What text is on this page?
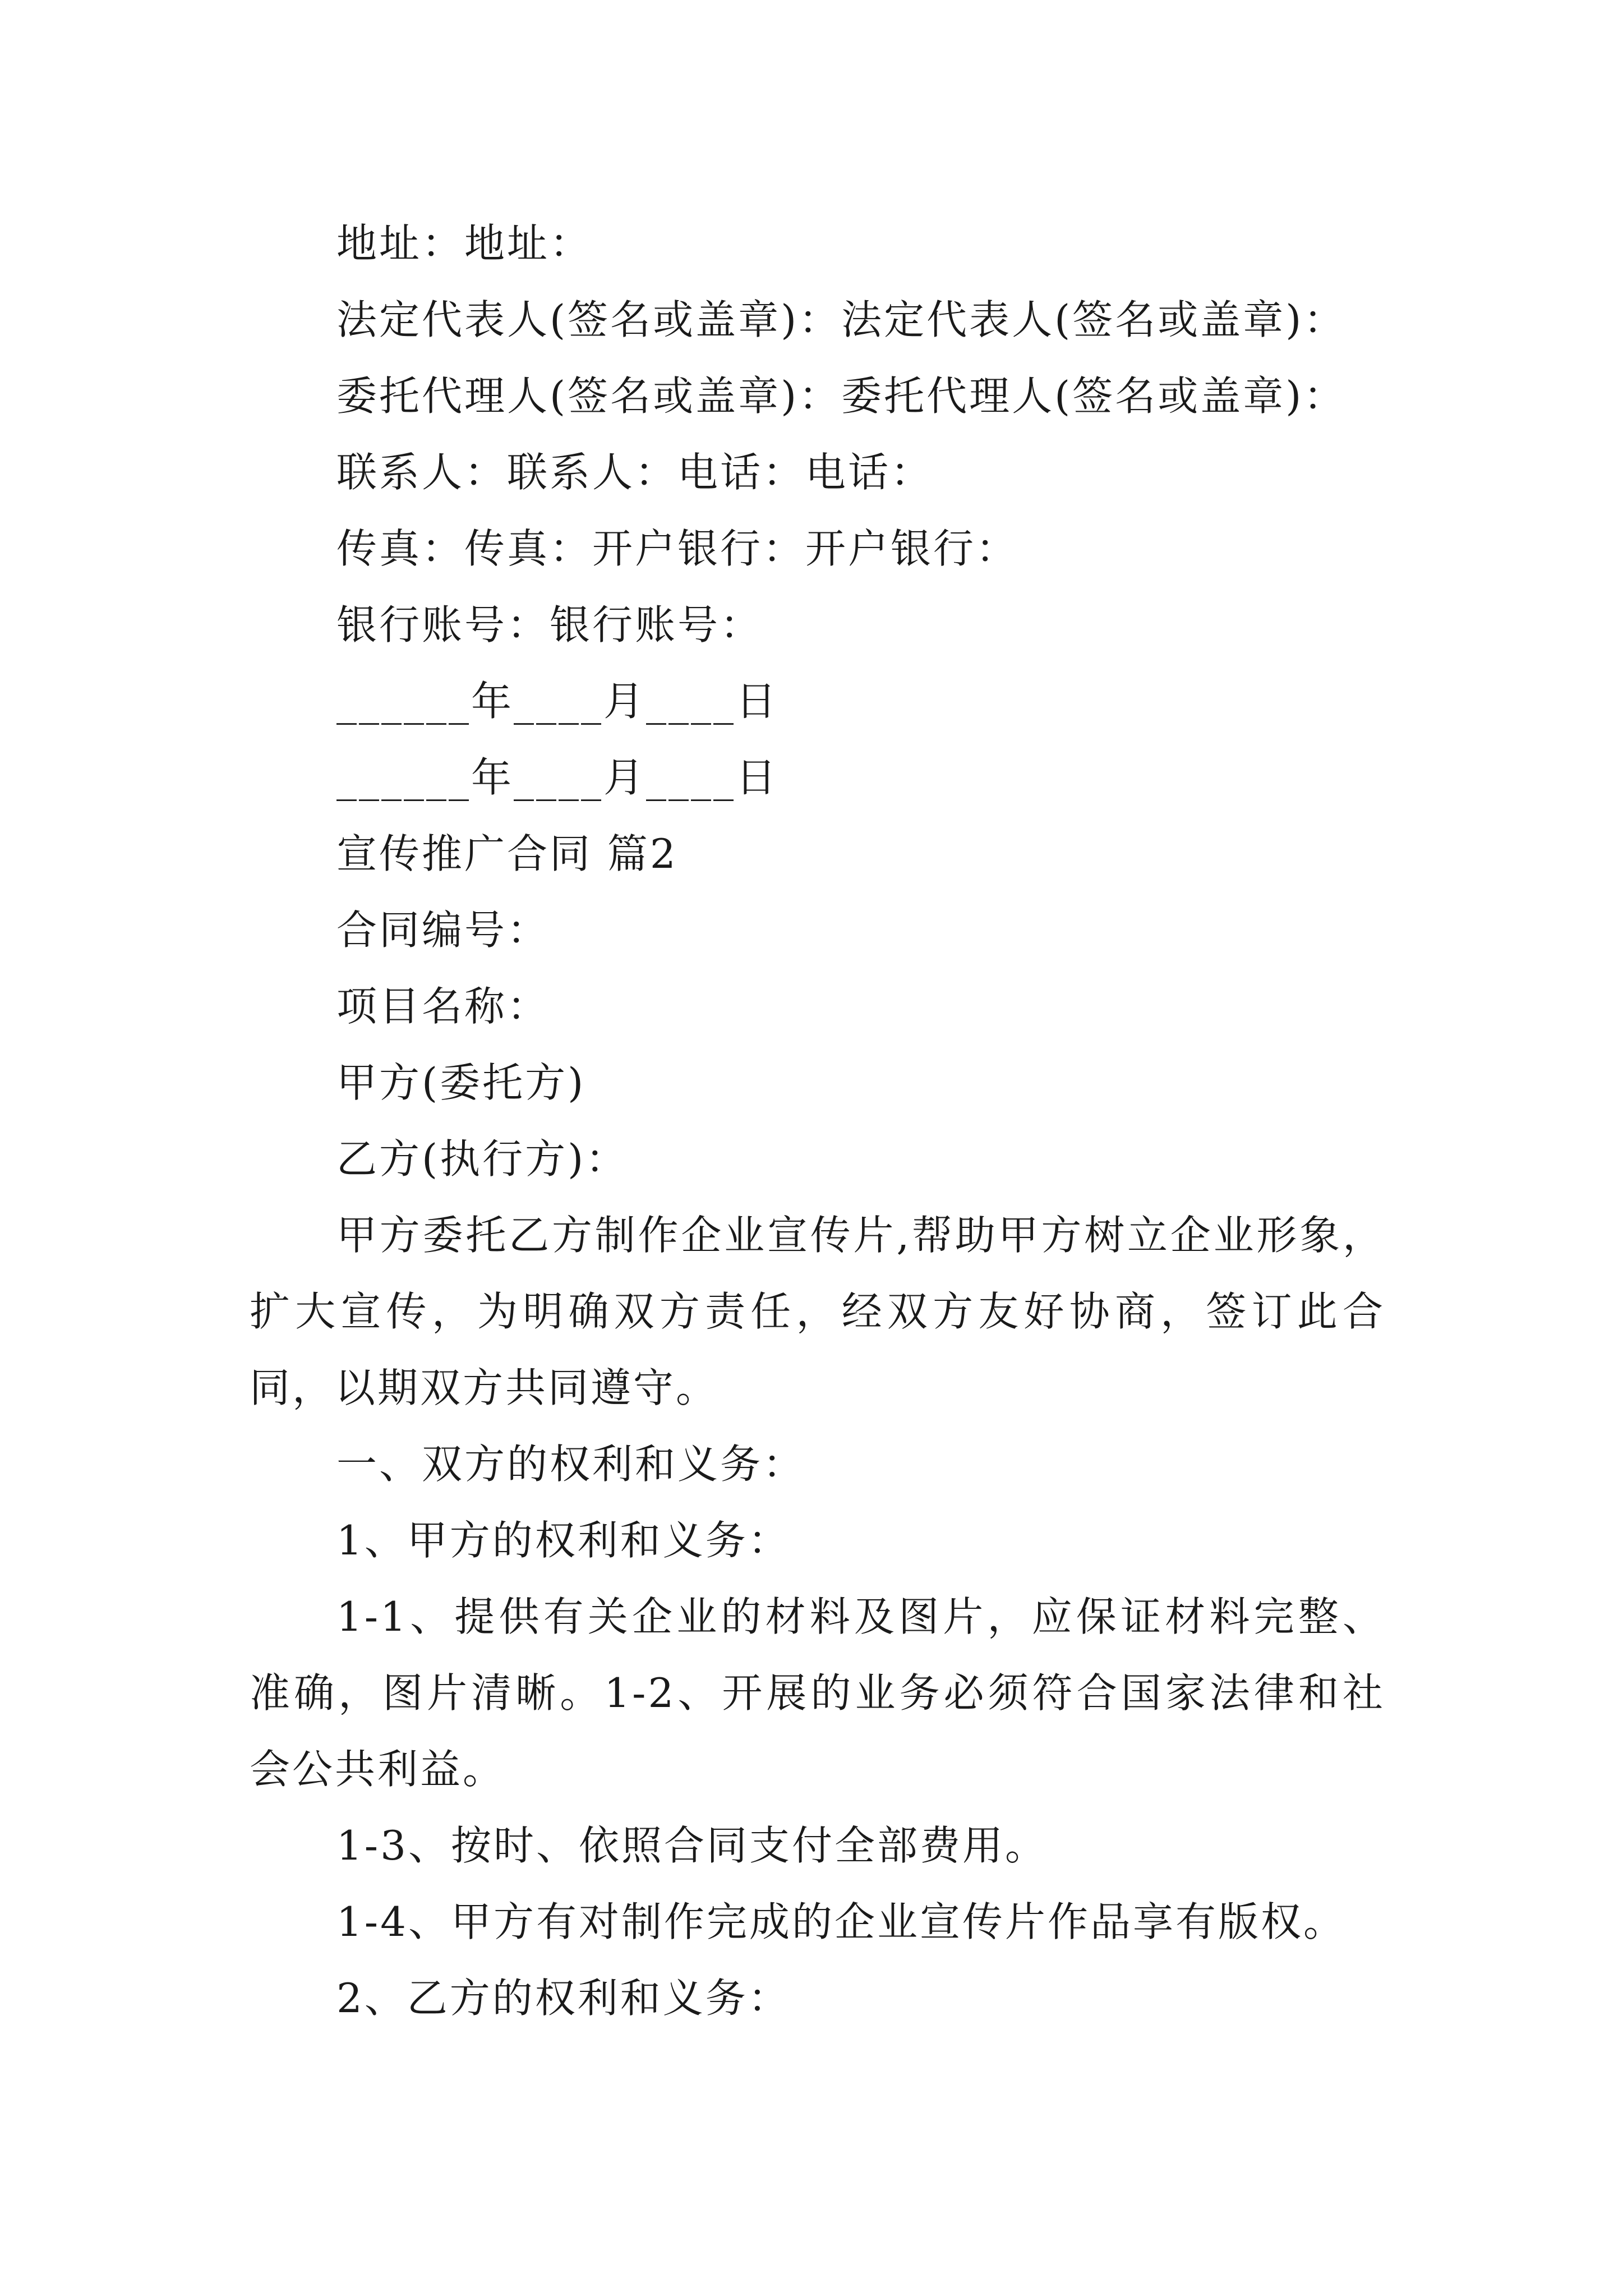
地址：地址：
法定代表人(签名或盖章)：法定代表人(签名或盖章)：
委托代理人(签名或盖章)：委托代理人(签名或盖章)：
联系人：联系人：电话：电话：
传真：传真：开户银行：开户银行：
银行账号：银行账号：
______年____月____日
______年____月____日
宣传推广合同 篇2
合同编号：
项目名称：
甲方(委托方)
乙方(执行方)：
甲方委托乙方制作企业宣传片,帮助甲方树立企业形象，扩大宣传，为明确双方责任，经双方友好协商，签订此合同，以期双方共同遵守。
一、双方的权利和义务：
1、甲方的权利和义务：
1-1、提供有关企业的材料及图片，应保证材料完整、准确，图片清晰。1-2、开展的业务必须符合国家法律和社会公共利益。
1-3、按时、依照合同支付全部费用。
1-4、甲方有对制作完成的企业宣传片作品享有版权。
2、乙方的权利和义务：
